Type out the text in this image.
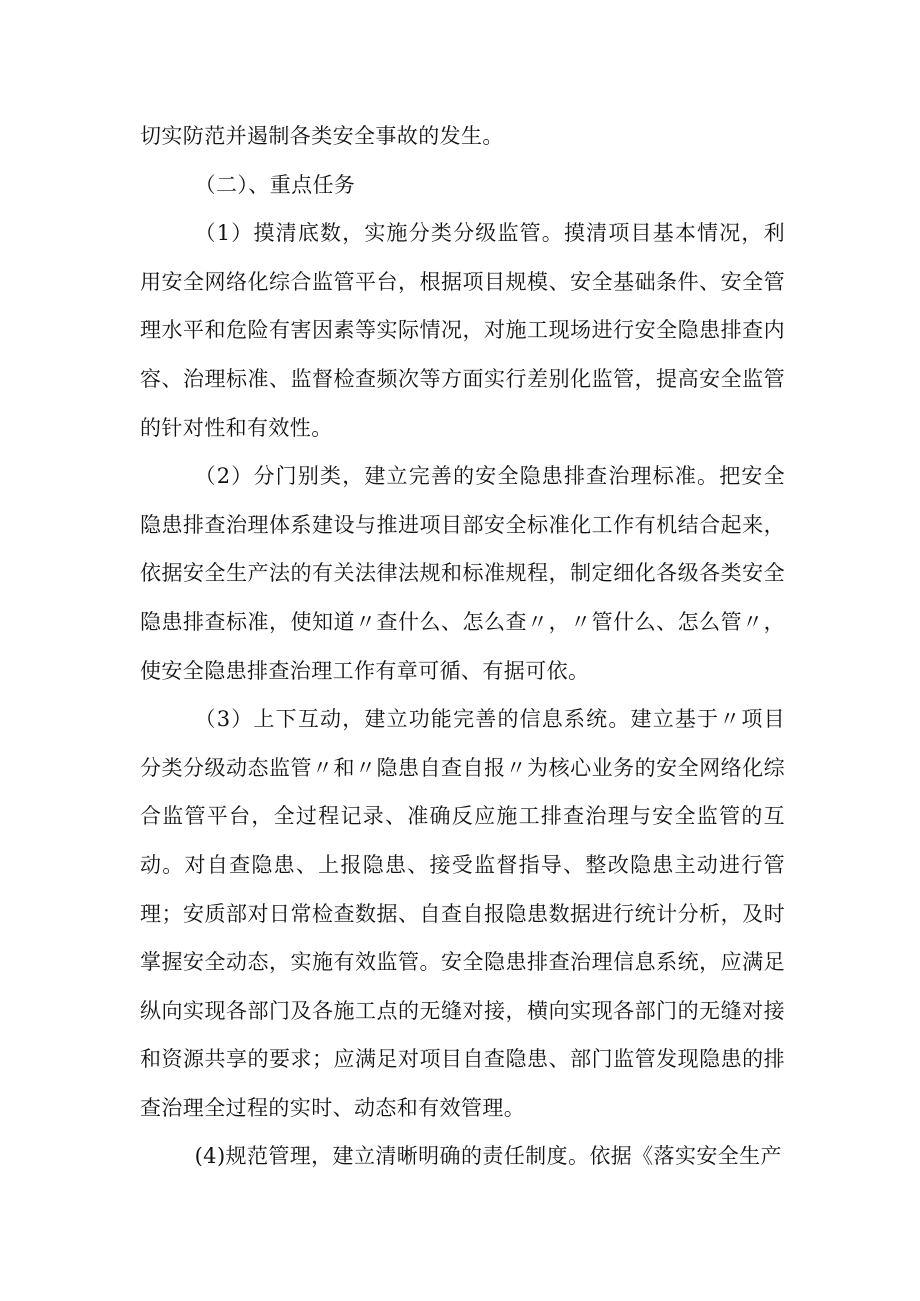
切实防范并遏制各类安全事故的发生。

（二）、重点任务

（1）摸清底数，实施分类分级监管。摸清项目基本情况，利用安全网络化综合监管平台，根据项目规模、安全基础条件、安全管理水平和危险有害因素等实际情况，对施工现场进行安全隐患排查内容、治理标准、监督检查频次等方面实行差别化监管，提高安全监管的针对性和有效性。

（2）分门别类，建立完善的安全隐患排查治理标准。把安全隐患排查治理体系建设与推进项目部安全标准化工作有机结合起来，依据安全生产法的有关法律法规和标准规程，制定细化各级各类安全隐患排查标准，使知道〃查什么、怎么查〃，〃管什么、怎么管〃，使安全隐患排查治理工作有章可循、有据可依。

（3）上下互动，建立功能完善的信息系统。建立基于〃项目分类分级动态监管〃和〃隐患自查自报〃为核心业务的安全网络化综合监管平台，全过程记录、准确反应施工排查治理与安全监管的互动。对自查隐患、上报隐患、接受监督指导、整改隐患主动进行管理；安质部对日常检查数据、自查自报隐患数据进行统计分析，及时掌握安全动态，实施有效监管。安全隐患排查治理信息系统，应满足纵向实现各部门及各施工点的无缝对接，横向实现各部门的无缝对接和资源共享的要求；应满足对项目自查隐患、部门监管发现隐患的排查治理全过程的实时、动态和有效管理。

(4)规范管理，建立清晰明确的责任制度。依据《落实安全生产
